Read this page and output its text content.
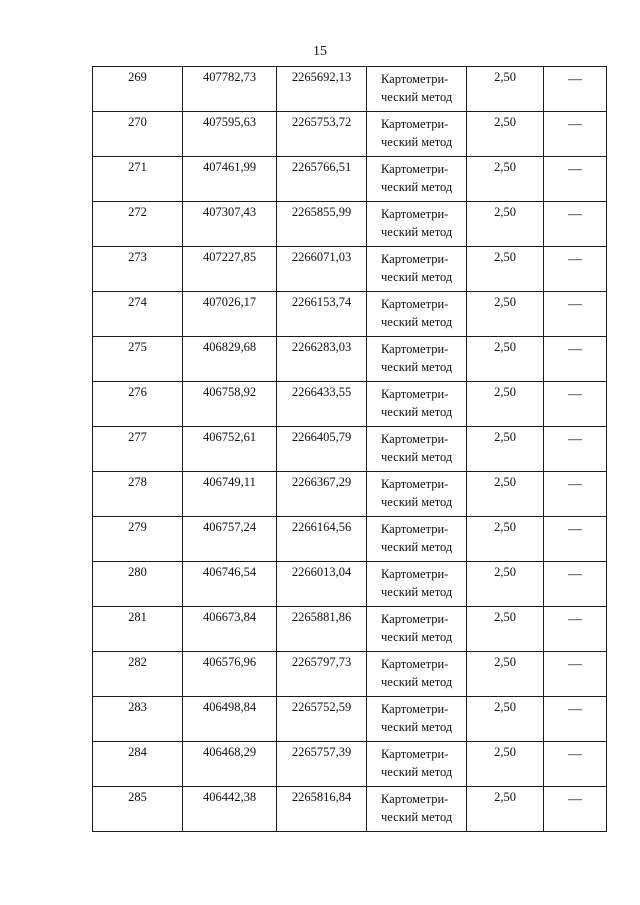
15
269	407782,73	2265692,13	Картометри-
ческий метод	2,50	—

270	407595,63	2265753,72	Картометри-
ческий метод	2,50	—

271	407461,99	2265766,51	Картометри-
ческий метод	2,50	—

272	407307,43	2265855,99	Картометри-
ческий метод	2,50	—

273	407227,85	2266071,03	Картометри-
ческий метод	2,50	—

274	407026,17	2266153,74	Картометри-
ческий метод	2,50	—

275	406829,68	2266283,03	Картометри-
ческий метод	2,50	—

276	406758,92	2266433,55	Картометри-
ческий метод	2,50	—

277	406752,61	2266405,79	Картометри-
ческий метод	2,50	—

278	406749,11	2266367,29	Картометри-
ческий метод	2,50	—

279	406757,24	2266164,56	Картометри-
ческий метод	2,50	—

280	406746,54	2266013,04	Картометри-
ческий метод	2,50	—

281	406673,84	2265881,86	Картометри-
ческий метод	2,50	—

282	406576,96	2265797,73	Картометри-
ческий метод	2,50	—

283	406498,84	2265752,59	Картометри-
ческий метод	2,50	—

284	406468,29	2265757,39	Картометри-
ческий метод	2,50	—

285	406442,38	2265816,84	Картометри-
ческий метод	2,50	—
